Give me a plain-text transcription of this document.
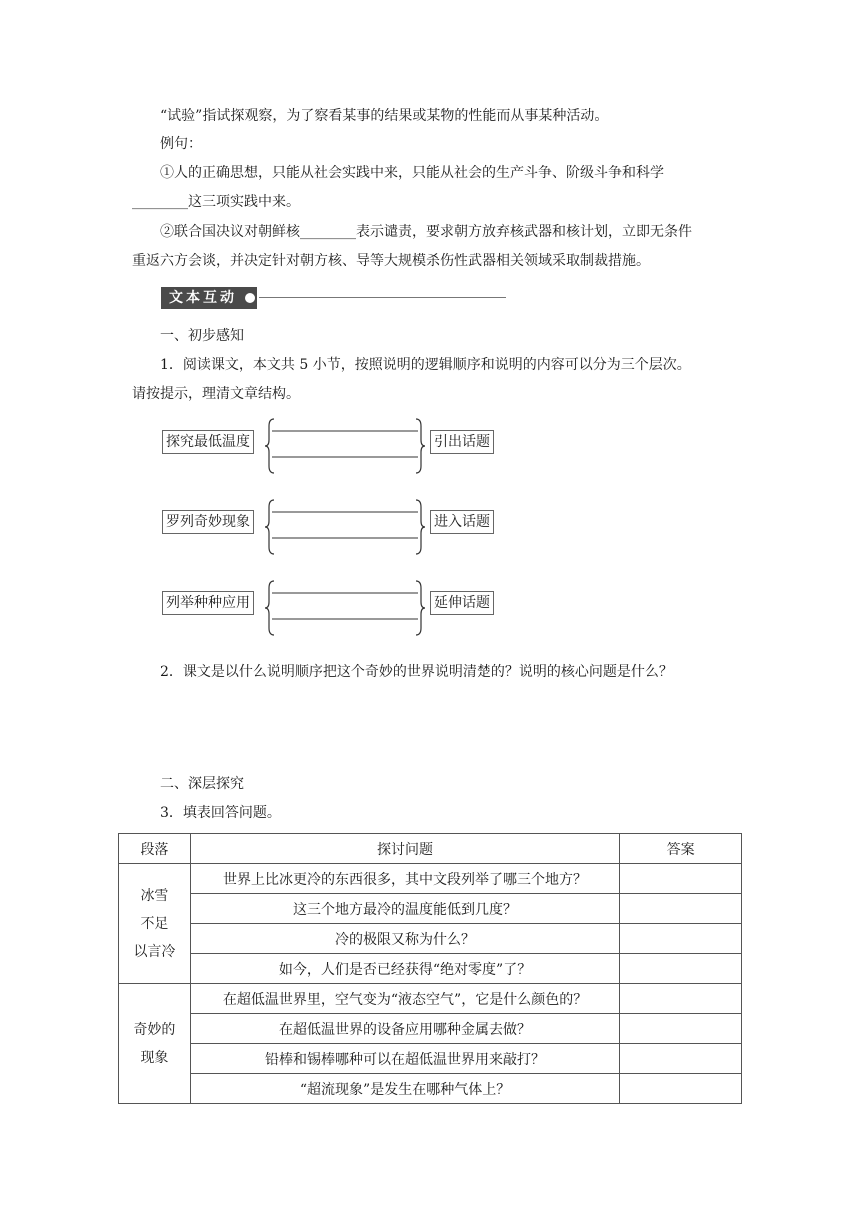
“试验”指试探观察，为了察看某事的结果或某物的性能而从事某种活动。
例句：
①人的正确思想，只能从社会实践中来，只能从社会的生产斗争、阶级斗争和科学
________这三项实践中来。
②联合国决议对朝鲜核________表示谴责，要求朝方放弃核武器和核计划，立即无条件
重返六方会谈，并决定针对朝方核、导等大规模杀伤性武器相关领域采取制裁措施。
文本互动
一、初步感知
1．阅读课文，本文共 5 小节，按照说明的逻辑顺序和说明的内容可以分为三个层次。
请按提示，理清文章结构。
探究最低温度	引出话题
罗列奇妙现象	进入话题
列举种种应用	延伸话题
2．课文是以什么说明顺序把这个奇妙的世界说明清楚的？说明的核心问题是什么？
二、深层探究
3．填表回答问题。
段落	探讨问题	答案

冰雪
不足
以言冷	世界上比冰更冷的东西很多，其中文段列举了哪三个地方？	
	这三个地方最冷的温度能低到几度？	
	冷的极限又称为什么？	
	如今，人们是否已经获得“绝对零度”了？	

奇妙的
现象	在超低温世界里，空气变为“液态空气”，它是什么颜色的？	
	在超低温世界的设备应用哪种金属去做？	
	铅棒和锡棒哪种可以在超低温世界用来敲打？	
	“超流现象”是发生在哪种气体上？	
